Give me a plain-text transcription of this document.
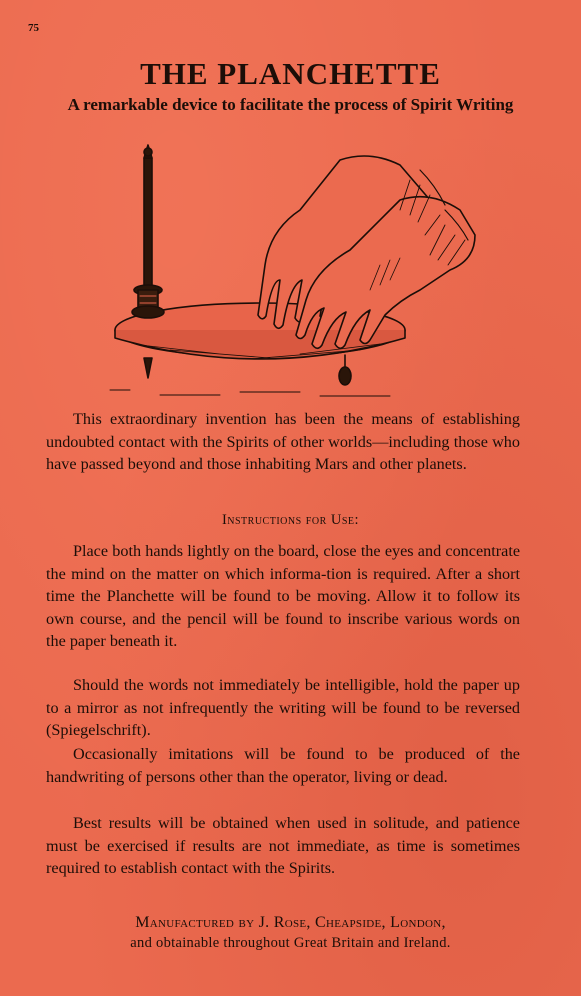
75
THE PLANCHETTE

A remarkable device to facilitate the process of Spirit Writing

This extraordinary invention has been the means of establishing undoubted contact with the Spirits of other worlds—including those who have passed beyond and those inhabiting Mars and other planets.

Instructions for Use:

Place both hands lightly on the board, close the eyes and concentrate the mind on the matter on which informa-tion is required. After a short time the Planchette will be found to be moving. Allow it to follow its own course, and the pencil will be found to inscribe various words on the paper beneath it.

Should the words not immediately be intelligible, hold the paper up to a mirror as not infrequently the writing will be found to be reversed (Spiegelschrift).

Occasionally imitations will be found to be produced of the handwriting of persons other than the operator, living or dead.

Best results will be obtained when used in solitude, and patience must be exercised if results are not immediate, as time is sometimes required to establish contact with the Spirits.

Manufactured by J. Rose, Cheapside, London,

and obtainable throughout Great Britain and Ireland.
